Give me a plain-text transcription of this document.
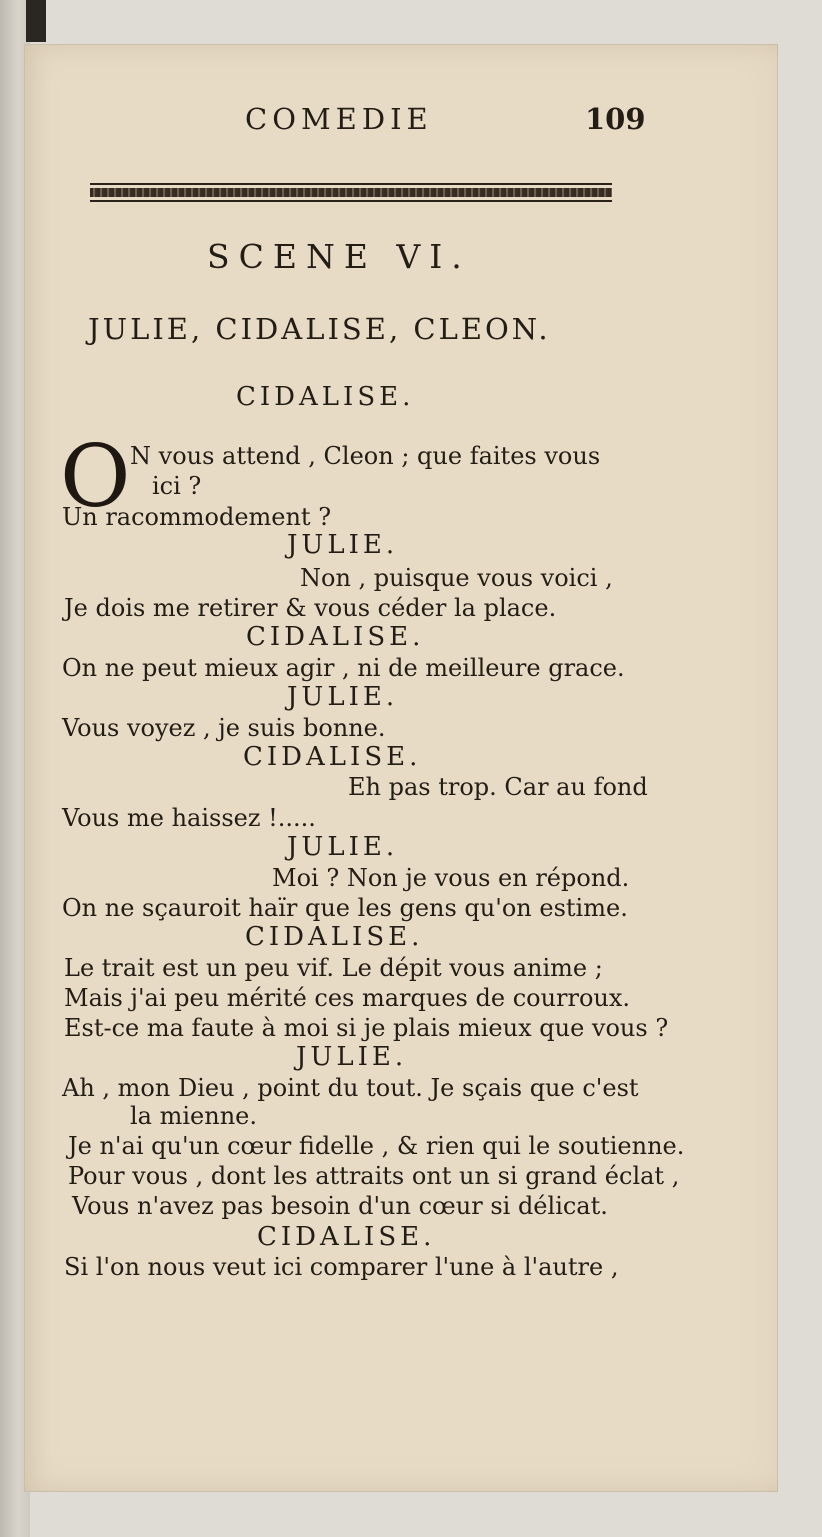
COMEDIE	109
SCENE VI.
JULIE, CIDALISE, CLEON.
CIDALISE.
O N vous attend , Cleon ; que faites vous
ici ?
Un racommodement ?
JULIE.
Non , puisque vous voici ,
Je dois me retirer & vous céder la place.
CIDALISE.
On ne peut mieux agir , ni de meilleure grace.
JULIE.
Vous voyez , je suis bonne.
CIDALISE.
Eh pas trop. Car au fond
Vous me haissez !.....
JULIE.
Moi ? Non je vous en répond.
On ne sçauroit haïr que les gens qu'on estime.
CIDALISE.
Le trait est un peu vif. Le dépit vous anime ;
Mais j'ai peu mérité ces marques de courroux.
Est-ce ma faute à moi si je plais mieux que vous ?
JULIE.
Ah , mon Dieu , point du tout. Je sçais que c'est
la mienne.
Je n'ai qu'un cœur fidelle , & rien qui le soutienne.
Pour vous , dont les attraits ont un si grand éclat ,
Vous n'avez pas besoin d'un cœur si délicat.
CIDALISE.
Si l'on nous veut ici comparer l'une à l'autre ,
